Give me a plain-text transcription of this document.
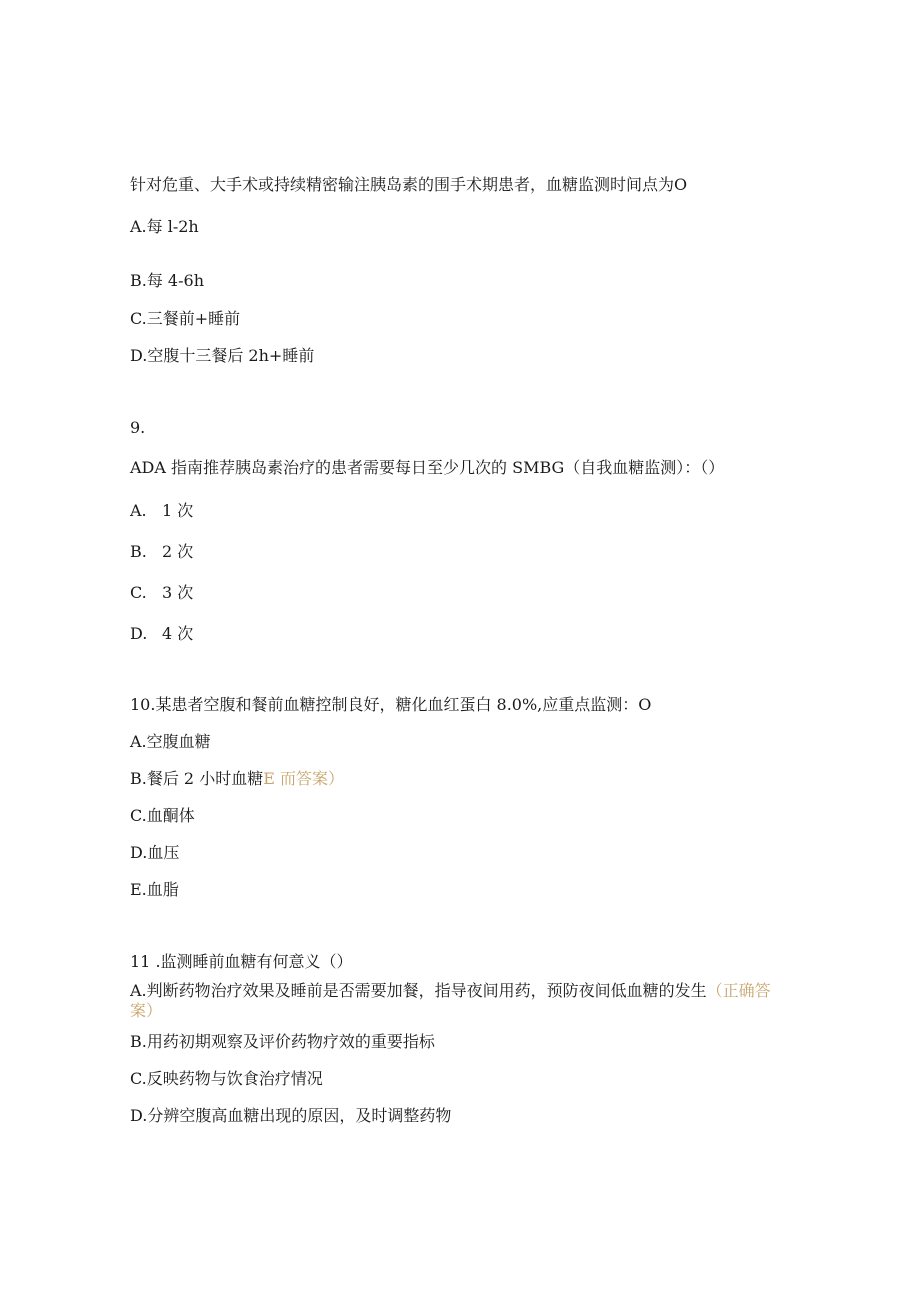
针对危重、大手术或持续精密输注胰岛素的围手术期患者，血糖监测时间点为O
A.每 l-2h
B.每 4-6h
C.三餐前+睡前
D.空腹十三餐后 2h+睡前
9.
ADA 指南推荐胰岛素治疗的患者需要每日至少几次的 SMBG（自我血糖监测）：（）
A. 1 次
B. 2 次
C. 3 次
D. 4 次
10.某患者空腹和餐前血糖控制良好，糖化血红蛋白 8.0%,应重点监测：O
A.空腹血糖
B.餐后 2 小时血糖E 而答案）
C.血酮体
D.血压
E.血脂
11 .监测睡前血糖有何意义（）
A.判断药物治疗效果及睡前是否需要加餐，指导夜间用药，预防夜间低血糖的发生（正确答案）
B.用药初期观察及评价药物疗效的重要指标
C.反映药物与饮食治疗情况
D.分辨空腹高血糖出现的原因，及时调整药物
